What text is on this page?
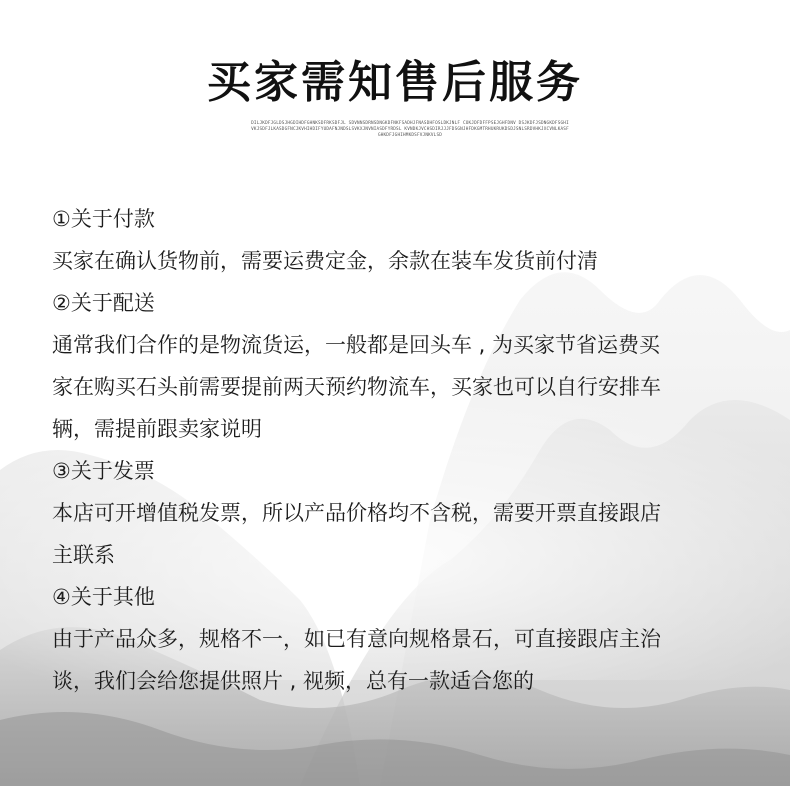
买家需知售后服务
DILJKDFJGLDSJHGDIHDFGHNKSDFRKSDFJL SDVNNSDRNSDNGKDFNKFSADHJFNASDHFOSLDKJNLF COKJDFDFFPSEJGHFDNV DSJKDFJSDNGKDFSGHIVKJSDFJLKASDGFNCJKVHIHDIFYUDAFNJNDSLSVKXJNVNIASDFYRDSL KVNDKJVCHSDIRJJJFDSGNJHFDKGMTRHUKRUKDSDJSNLSRDVHKJXCVNLKASFGHKDFJGHIHMKDSFVJNKVLSD
①关于付款
买家在确认货物前，需要运费定金，余款在装车发货前付清
②关于配送
通常我们合作的是物流货运，一般都是回头车 , 为买家节省运费买
家在购买石头前需要提前两天预约物流车，买家也可以自行安排车
辆，需提前跟卖家说明
③关于发票
本店可开增值税发票，所以产品价格均不含税，需要开票直接跟店
主联系
④关于其他
由于产品众多，规格不一，如已有意向规格景石，可直接跟店主治
谈，我们会给您提供照片 , 视频，总有一款适合您的
